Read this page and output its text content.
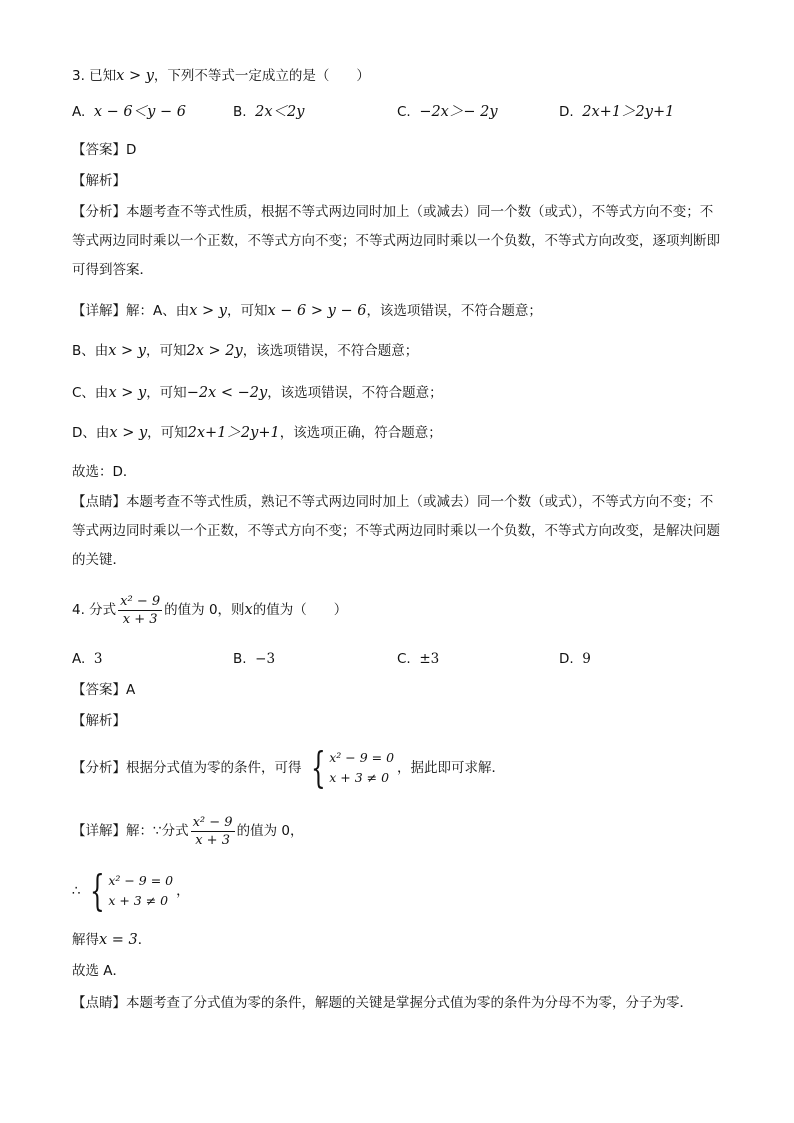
3. 已知x > y，下列不等式一定成立的是（　　）
A. x − 6＜y − 6	B. 2x＜2y	C. −2x＞− 2y	D. 2x+1＞2y+1
【答案】D
【解析】
【分析】本题考查不等式性质，根据不等式两边同时加上（或减去）同一个数（或式），不等式方向不变；不等式两边同时乘以一个正数，不等式方向不变；不等式两边同时乘以一个负数，不等式方向改变，逐项判断即可得到答案．
【详解】解：A、由x > y，可知x − 6 > y − 6，该选项错误，不符合题意；
B、由x > y，可知2x > 2y，该选项错误，不符合题意；
C、由x > y，可知−2x < −2y，该选项错误，不符合题意；
D、由x > y，可知2x+1＞2y+1，该选项正确，符合题意；
故选：D．
【点睛】本题考查不等式性质，熟记不等式两边同时加上（或减去）同一个数（或式），不等式方向不变；不等式两边同时乘以一个正数，不等式方向不变；不等式两边同时乘以一个负数，不等式方向改变，是解决问题的关键．
4. 分式 $\frac{\text{x² − 9}}{x + 3}$ 的值为 0，则x的值为（　　）
A. 3	B. −3	C. ±3	D. 9
【答案】A
【解析】
【分析】根据分式值为零的条件，可得 { x² − 9 = 0
x + 3 ≠ 0
，据此即可求解．
【详解】解：∵分式 $\frac{\text{x² − 9}}{x + 3}$ 的值为 0，
∴ { x² − 9 = 0
x + 3 ≠ 0
，
解得x = 3．
故选 A．
【点睛】本题考查了分式值为零的条件，解题的关键是掌握分式值为零的条件为分母不为零，分子为零．
